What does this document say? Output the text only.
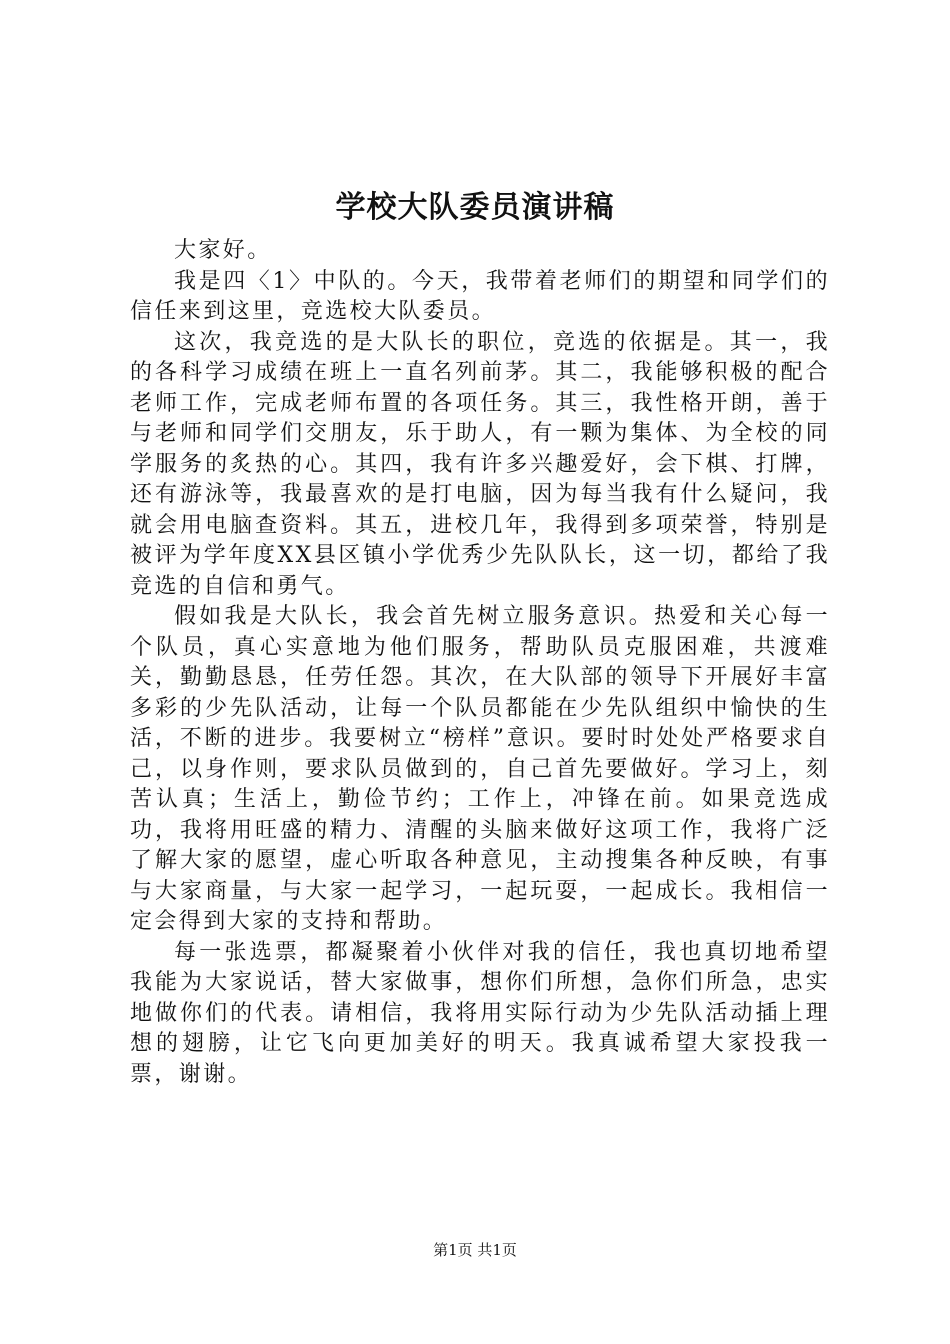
学校大队委员演讲稿

大家好。

我是四〈1〉中队的。今天，我带着老师们的期望和同学们的信任来到这里，竞选校大队委员。

这次，我竞选的是大队长的职位，竞选的依据是。其一，我的各科学习成绩在班上一直名列前茅。其二，我能够积极的配合老师工作，完成老师布置的各项任务。其三，我性格开朗，善于与老师和同学们交朋友，乐于助人，有一颗为集体、为全校的同学服务的炙热的心。其四，我有许多兴趣爱好，会下棋、打牌，还有游泳等，我最喜欢的是打电脑，因为每当我有什么疑问，我就会用电脑查资料。其五，进校几年，我得到多项荣誉，特别是被评为学年度XX县区镇小学优秀少先队队长，这一切，都给了我竞选的自信和勇气。

假如我是大队长，我会首先树立服务意识。热爱和关心每一个队员，真心实意地为他们服务，帮助队员克服困难，共渡难关，勤勤恳恳，任劳任怨。其次，在大队部的领导下开展好丰富多彩的少先队活动，让每一个队员都能在少先队组织中愉快的生活，不断的进步。我要树立“榜样”意识。要时时处处严格要求自己，以身作则，要求队员做到的，自己首先要做好。学习上，刻苦认真；生活上，勤俭节约；工作上，冲锋在前。如果竞选成功，我将用旺盛的精力、清醒的头脑来做好这项工作，我将广泛了解大家的愿望，虚心听取各种意见，主动搜集各种反映，有事与大家商量，与大家一起学习，一起玩耍，一起成长。我相信一定会得到大家的支持和帮助。

每一张选票，都凝聚着小伙伴对我的信任，我也真切地希望我能为大家说话，替大家做事，想你们所想，急你们所急，忠实地做你们的代表。请相信，我将用实际行动为少先队活动插上理想的翅膀，让它飞向更加美好的明天。我真诚希望大家投我一票，谢谢。

第1页 共1页
